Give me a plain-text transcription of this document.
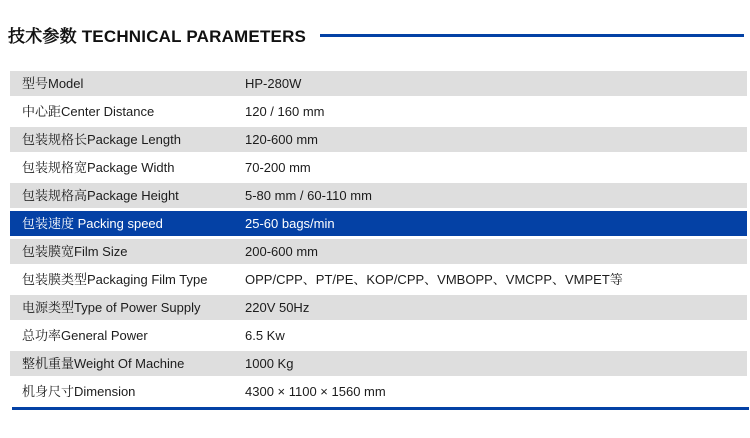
技术参数 TECHNICAL PARAMETERS
型号Model	HP-280W
中心距Center Distance	120 / 160 mm
包装规格长Package Length	120-600 mm
包装规格宽Package Width	70-200 mm
包装规格高Package Height	5-80 mm / 60-110 mm
包装速度 Packing speed	25-60 bags/min
包装膜宽Film Size	200-600 mm
包装膜类型Packaging Film Type	OPP/CPP、PT/PE、KOP/CPP、VMBOPP、VMCPP、VMPET等
电源类型Type of Power Supply	220V 50Hz
总功率General Power	6.5 Kw
整机重量Weight Of Machine	1000 Kg
机身尺寸Dimension	4300 × 1100 × 1560 mm
